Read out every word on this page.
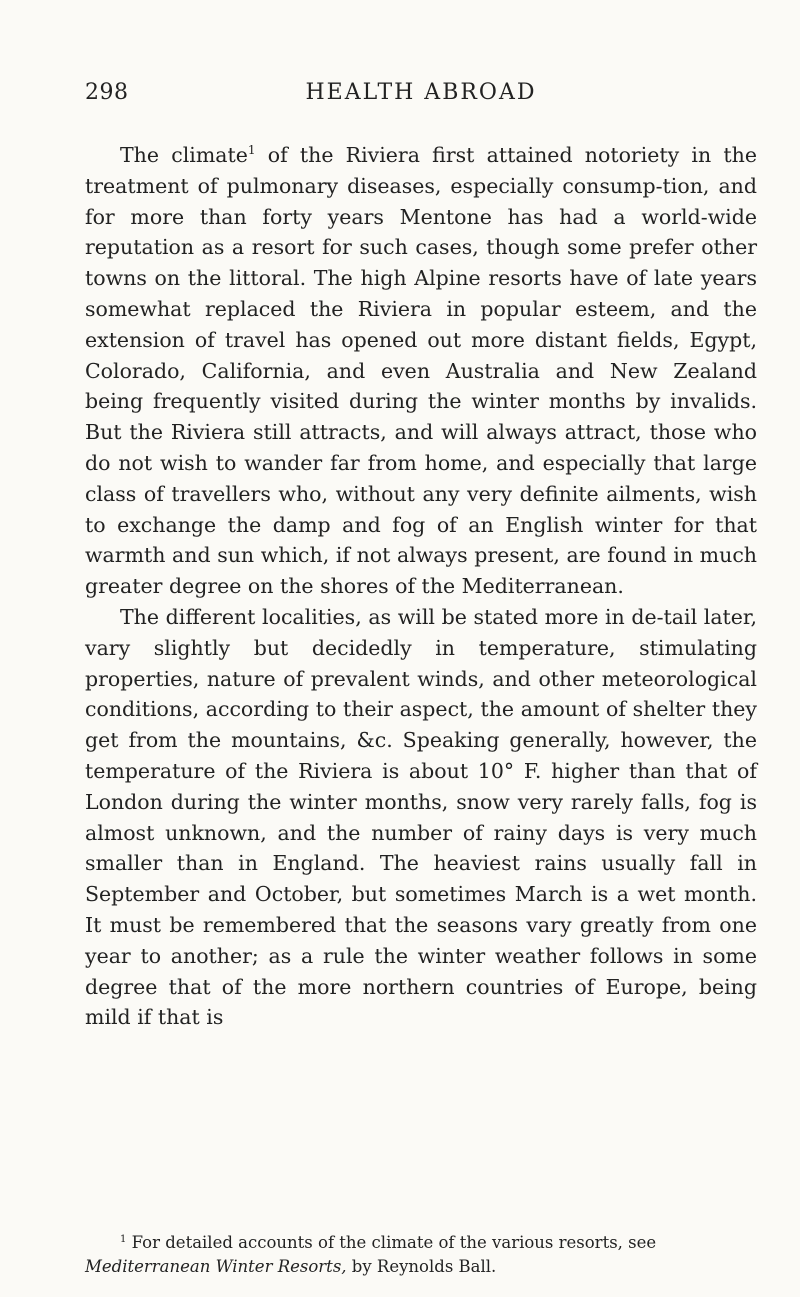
298	HEALTH ABROAD

The climate$^1$ of the Riviera first attained notoriety in the treatment of pulmonary diseases, especially consump-tion, and for more than forty years Mentone has had a world-wide reputation as a resort for such cases, though some prefer other towns on the littoral. The high Alpine resorts have of late years somewhat replaced the Riviera in popular esteem, and the extension of travel has opened out more distant fields, Egypt, Colorado, California, and even Australia and New Zealand being frequently visited during the winter months by invalids. But the Riviera still attracts, and will always attract, those who do not wish to wander far from home, and especially that large class of travellers who, without any very definite ailments, wish to exchange the damp and fog of an English winter for that warmth and sun which, if not always present, are found in much greater degree on the shores of the Mediterranean.

The different localities, as will be stated more in de-tail later, vary slightly but decidedly in temperature, stimulating properties, nature of prevalent winds, and other meteorological conditions, according to their aspect, the amount of shelter they get from the mountains, &c. Speaking generally, however, the temperature of the Riviera is about 10° F. higher than that of London during the winter months, snow very rarely falls, fog is almost unknown, and the number of rainy days is very much smaller than in England. The heaviest rains usually fall in September and October, but sometimes March is a wet month. It must be remembered that the seasons vary greatly from one year to another; as a rule the winter weather follows in some degree that of the more northern countries of Europe, being mild if that is

$^1$ For detailed accounts of the climate of the various resorts, see Mediterranean Winter Resorts, by Reynolds Ball.
